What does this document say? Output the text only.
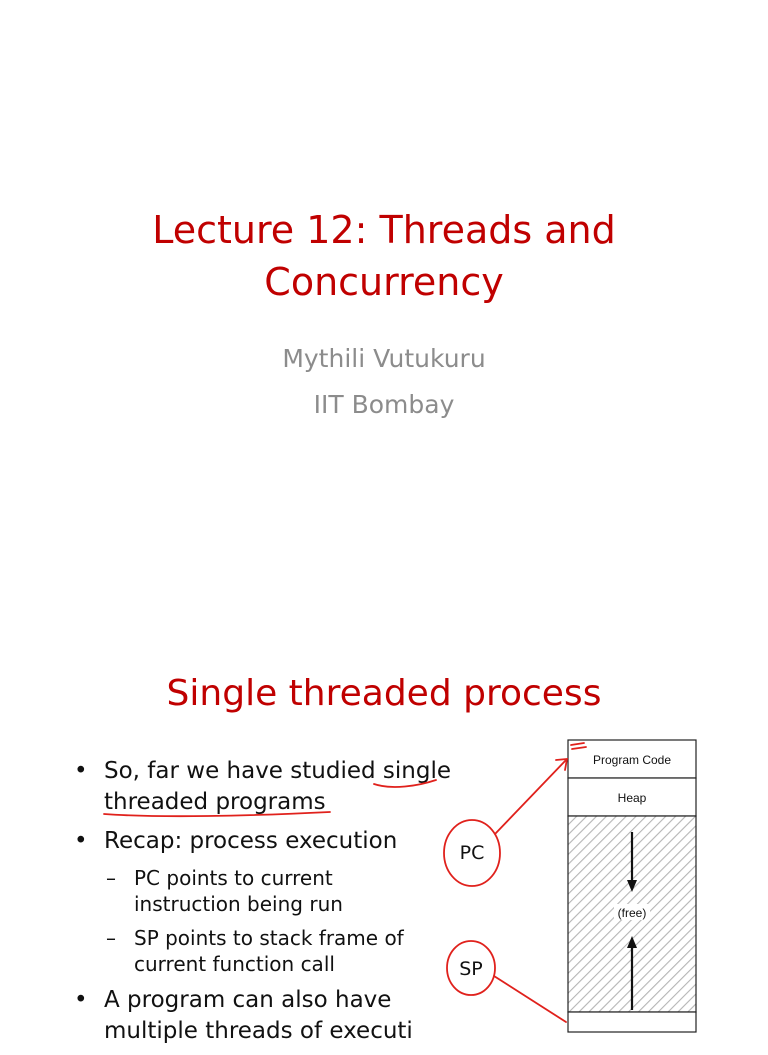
Lecture 12: Threads and
Concurrency
Mythili Vutukuru
IIT Bombay
Single threaded process
• So, far we have studied single
threaded programs
• Recap: process execution
– PC points to current
instruction being run
– SP points to stack frame of
current function call
• A program can also have
multiple threads of executi
Program Code
Heap
(free)
PC
SP
